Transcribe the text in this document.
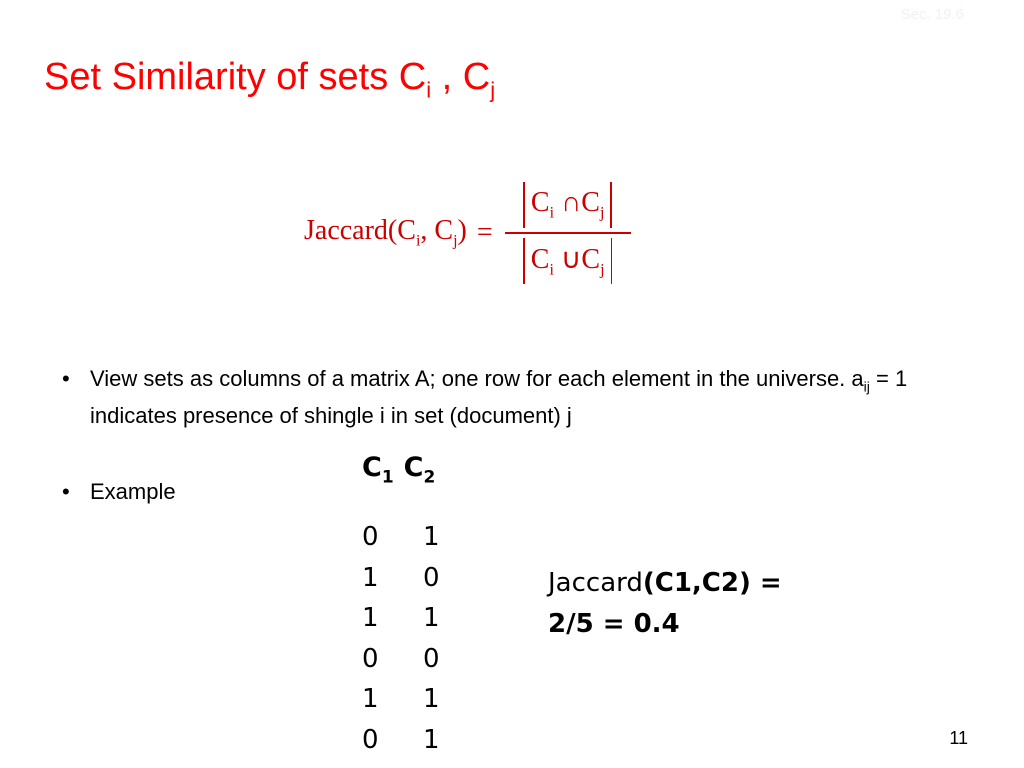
Sec. 19.6
Set Similarity of sets $C_i$ , $C_j$
$Jaccard(C_i$, $C_j) = \frac{C_i \cap C_j}{C_i \cup C_j}$
• View sets as columns of a matrix A; one row for each element in the universe. $a_{ij} = 1$ indicates presence of shingle i in set (document) j
• Example
$C_1$ $C_2$
0	1
1	0
1	1
0	0
1	1
0	1
Jaccard(C1,C2) =
2/5 = 0.4
11
